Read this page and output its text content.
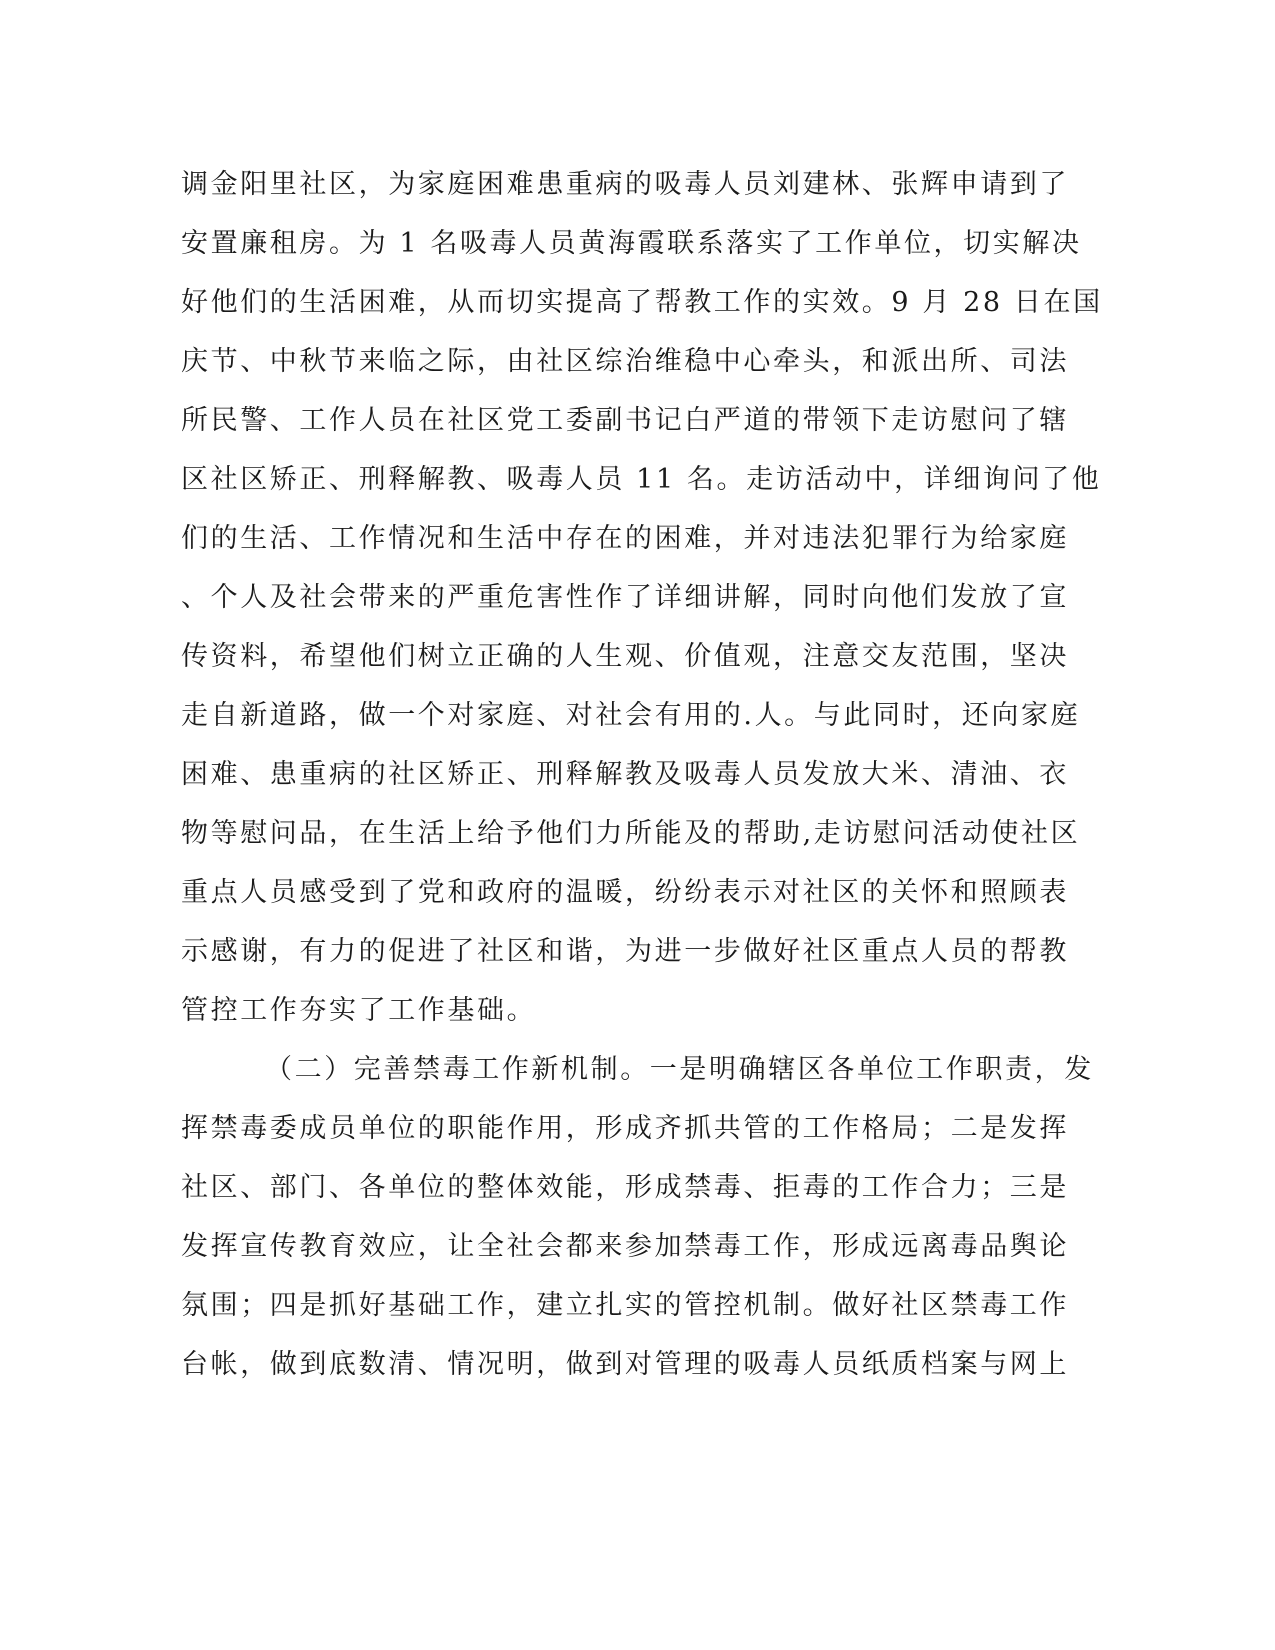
调金阳里社区，为家庭困难患重病的吸毒人员刘建林、张辉申请到了
安置廉租房。为 1 名吸毒人员黄海霞联系落实了工作单位，切实解决
好他们的生活困难，从而切实提高了帮教工作的实效。9 月 28 日在国
庆节、中秋节来临之际，由社区综治维稳中心牵头，和派出所、司法
所民警、工作人员在社区党工委副书记白严道的带领下走访慰问了辖
区社区矫正、刑释解教、吸毒人员 11 名。走访活动中，详细询问了他
们的生活、工作情况和生活中存在的困难，并对违法犯罪行为给家庭
、个人及社会带来的严重危害性作了详细讲解，同时向他们发放了宣
传资料，希望他们树立正确的人生观、价值观，注意交友范围，坚决
走自新道路，做一个对家庭、对社会有用的.人。与此同时，还向家庭
困难、患重病的社区矫正、刑释解教及吸毒人员发放大米、清油、衣
物等慰问品，在生活上给予他们力所能及的帮助,走访慰问活动使社区
重点人员感受到了党和政府的温暖，纷纷表示对社区的关怀和照顾表
示感谢，有力的促进了社区和谐，为进一步做好社区重点人员的帮教
管控工作夯实了工作基础。
（二）完善禁毒工作新机制。一是明确辖区各单位工作职责，发
挥禁毒委成员单位的职能作用，形成齐抓共管的工作格局；二是发挥
社区、部门、各单位的整体效能，形成禁毒、拒毒的工作合力；三是
发挥宣传教育效应，让全社会都来参加禁毒工作，形成远离毒品舆论
氛围；四是抓好基础工作，建立扎实的管控机制。做好社区禁毒工作
台帐，做到底数清、情况明，做到对管理的吸毒人员纸质档案与网上
